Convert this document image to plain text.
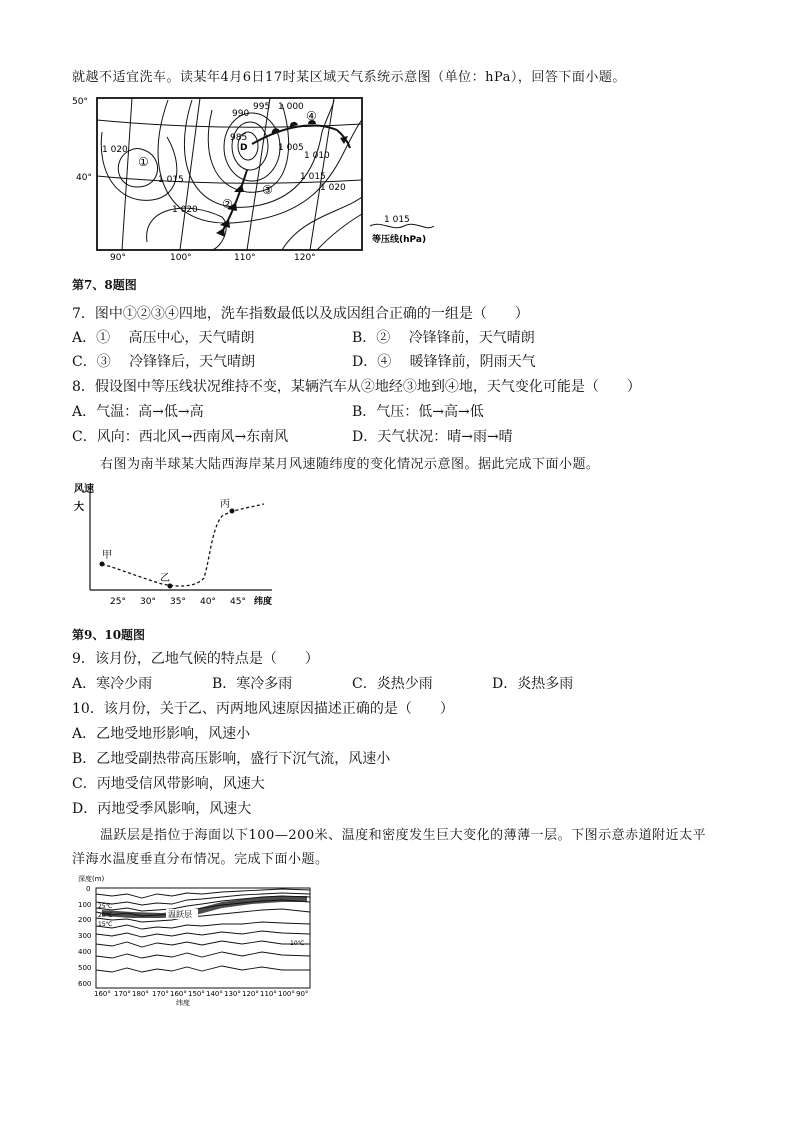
就越不适宜洗车。读某年4月6日17时某区域天气系统示意图（单位：hPa），回答下面小题。
50°
40°
90°	100°	110°	120°
1 020
1 015
1 020
990
995 1 000
985
1 005
1 010
1 015
1 020
①
②
③
④
D
1 015
等压线(hPa)
第7、8题图
7．图中①②③④四地，洗车指数最低以及成因组合正确的一组是（　　）
A．①　 高压中心，天气晴朗	B．②　 冷锋锋前，天气晴朗
C．③　 冷锋锋后，天气晴朗	D．④　 暖锋锋前，阴雨天气
8．假设图中等压线状况维持不变，某辆汽车从②地经③地到④地，天气变化可能是（　　）
A．气温：高→低→高	B．气压：低→高→低
C．风向：西北风→西南风→东南风	D．天气状况：晴→雨→晴
右图为南半球某大陆西海岸某月风速随纬度的变化情况示意图。据此完成下面小题。
风速
大
25° 30° 35° 40° 45° 纬度
甲
乙
丙
第9、10题图
9．该月份，乙地气候的特点是（　　）
A．寒冷少雨	B．寒冷多雨	C．炎热少雨	D．炎热多雨
10．该月份，关于乙、丙两地风速原因描述正确的是（　　）
A．乙地受地形影响，风速小
B．乙地受副热带高压影响，盛行下沉气流，风速小
C．丙地受信风带影响，风速大
D．丙地受季风影响，风速大
温跃层是指位于海面以下100—200米、温度和密度发生巨大变化的薄薄一层。下图示意赤道附近太平
洋海水温度垂直分布情况。完成下面小题。
深度(m)
0
100
200
300
400
500
600
温跃层
25℃
20℃
15℃
10℃
160° 170° 180° 170° 160° 150° 140° 130° 120° 110° 100° 90°
纬度
